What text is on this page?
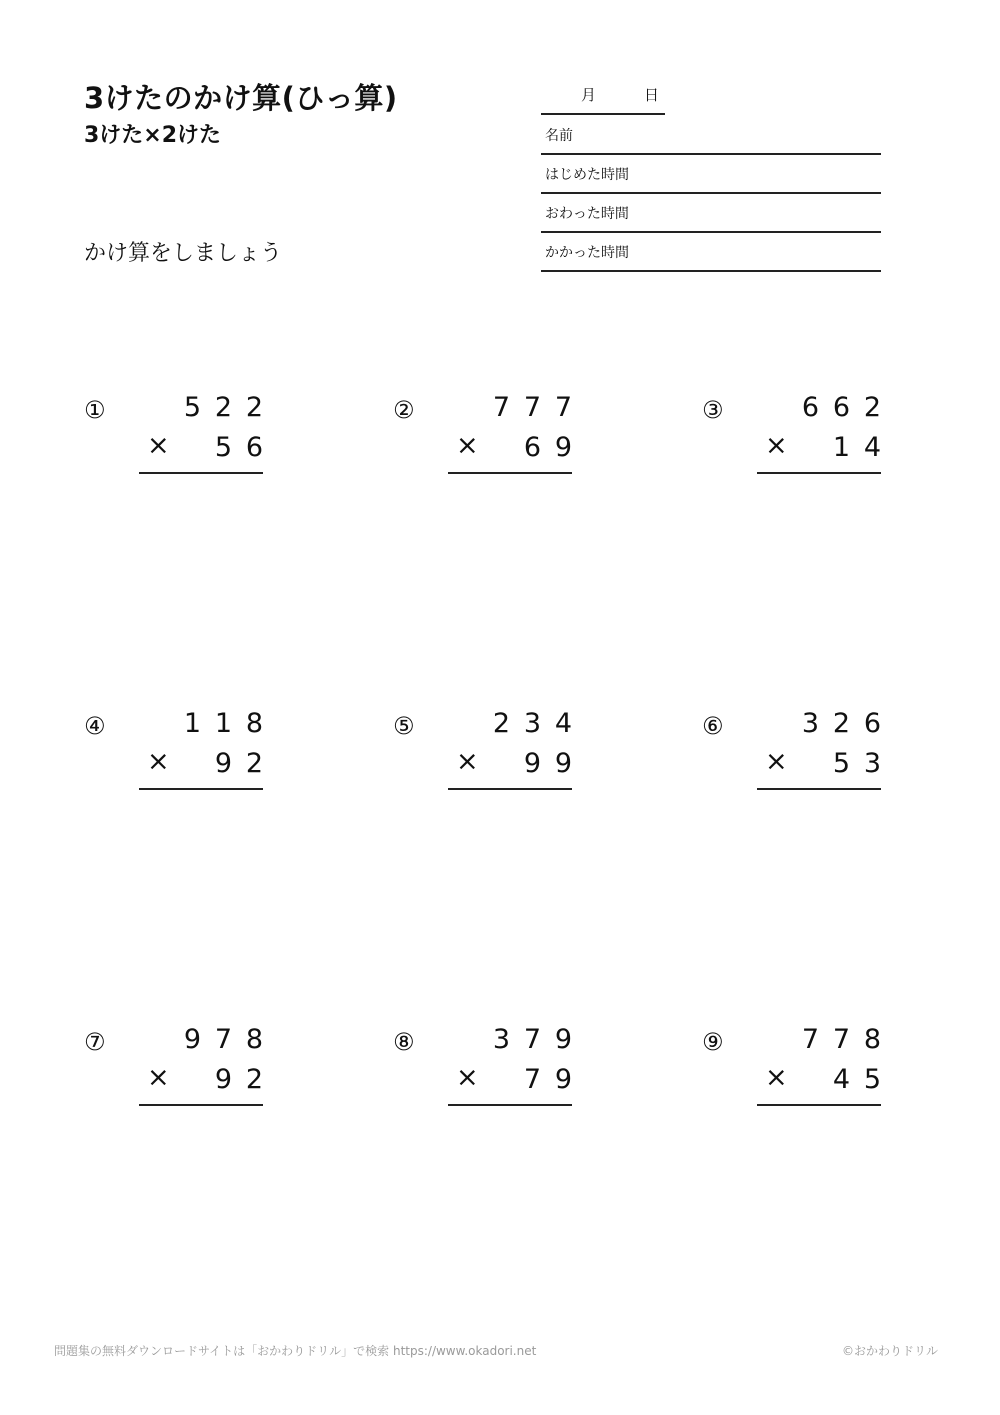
3けたのかけ算(ひっ算)
3けた×2けた
かけ算をしましょう
月	日
名前
はじめた時間
おわった時間
かかった時間
①	5 2 2
× 5 6
②	7 7 7
× 6 9
③	6 6 2
× 1 4
④	1 1 8
× 9 2
⑤	2 3 4
× 9 9
⑥	3 2 6
× 5 3
⑦	9 7 8
× 9 2
⑧	3 7 9
× 7 9
⑨	7 7 8
× 4 5
問題集の無料ダウンロードサイトは「おかわりドリル」で検索 https://www.okadori.net	©おかわりドリル
